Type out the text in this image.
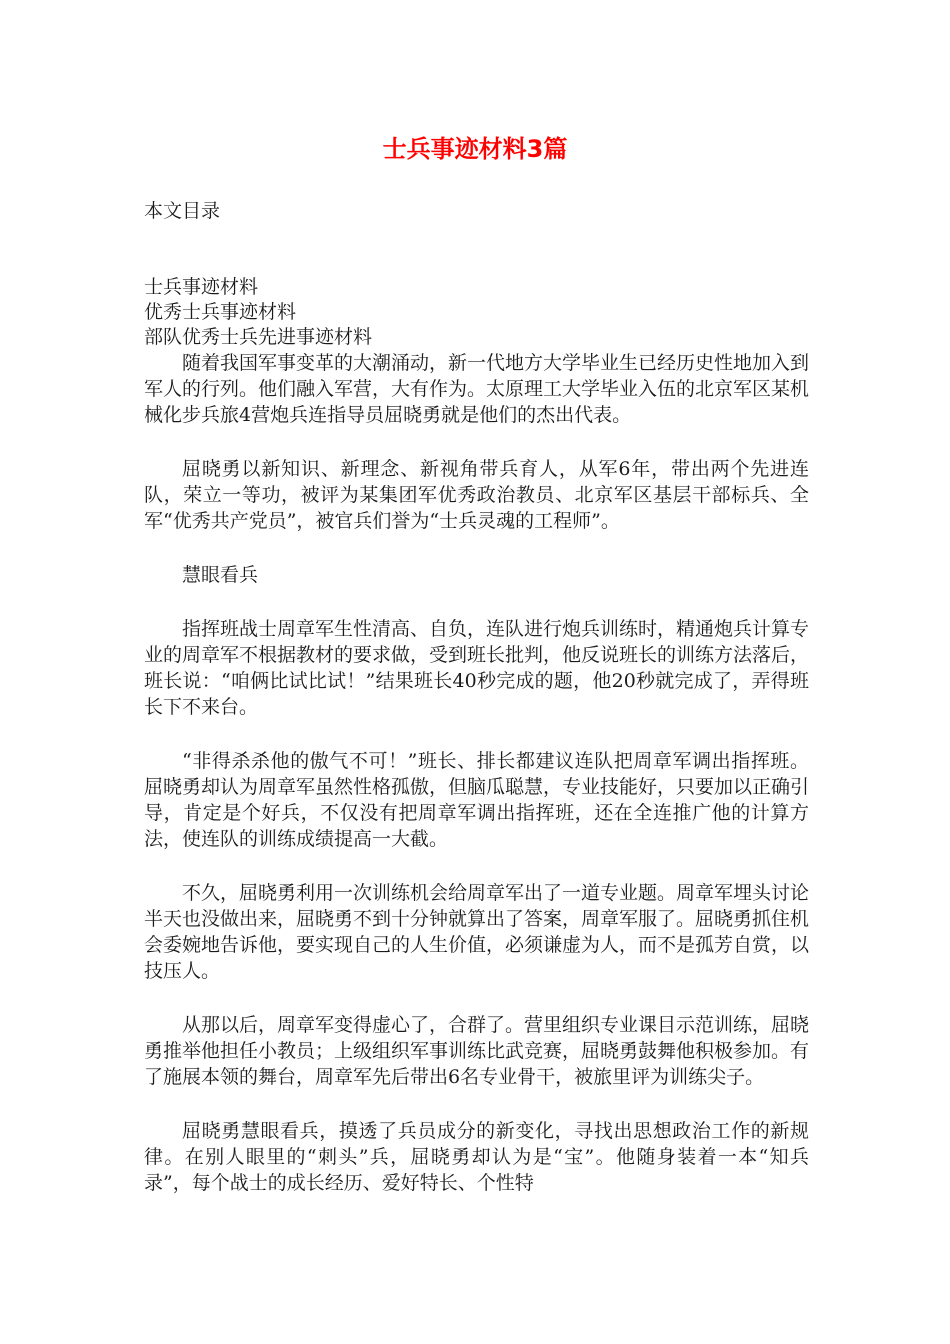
士兵事迹材料3篇

本文目录

士兵事迹材料
优秀士兵事迹材料
部队优秀士兵先进事迹材料

随着我国军事变革的大潮涌动，新一代地方大学毕业生已经历史性地加入到军人的行列。他们融入军营，大有作为。太原理工大学毕业入伍的北京军区某机械化步兵旅4营炮兵连指导员屈晓勇就是他们的杰出代表。

屈晓勇以新知识、新理念、新视角带兵育人，从军6年，带出两个先进连队，荣立一等功，被评为某集团军优秀政治教员、北京军区基层干部标兵、全军“优秀共产党员”，被官兵们誉为“士兵灵魂的工程师”。

慧眼看兵

指挥班战士周章军生性清高、自负，连队进行炮兵训练时，精通炮兵计算专业的周章军不根据教材的要求做，受到班长批判，他反说班长的训练方法落后，班长说：“咱俩比试比试！”结果班长40秒完成的题，他20秒就完成了，弄得班长下不来台。

“非得杀杀他的傲气不可！”班长、排长都建议连队把周章军调出指挥班。屈晓勇却认为周章军虽然性格孤傲，但脑瓜聪慧，专业技能好，只要加以正确引导，肯定是个好兵，不仅没有把周章军调出指挥班，还在全连推广他的计算方法，使连队的训练成绩提高一大截。

不久，屈晓勇利用一次训练机会给周章军出了一道专业题。周章军埋头讨论半天也没做出来，屈晓勇不到十分钟就算出了答案，周章军服了。屈晓勇抓住机会委婉地告诉他，要实现自己的人生价值，必须谦虚为人，而不是孤芳自赏，以技压人。

从那以后，周章军变得虚心了，合群了。营里组织专业课目示范训练，屈晓勇推举他担任小教员；上级组织军事训练比武竞赛，屈晓勇鼓舞他积极参加。有了施展本领的舞台，周章军先后带出6名专业骨干，被旅里评为训练尖子。

屈晓勇慧眼看兵，摸透了兵员成分的新变化，寻找出思想政治工作的新规律。在别人眼里的“刺头”兵，屈晓勇却认为是“宝”。他随身装着一本“知兵录”，每个战士的成长经历、爱好特长、个性特
